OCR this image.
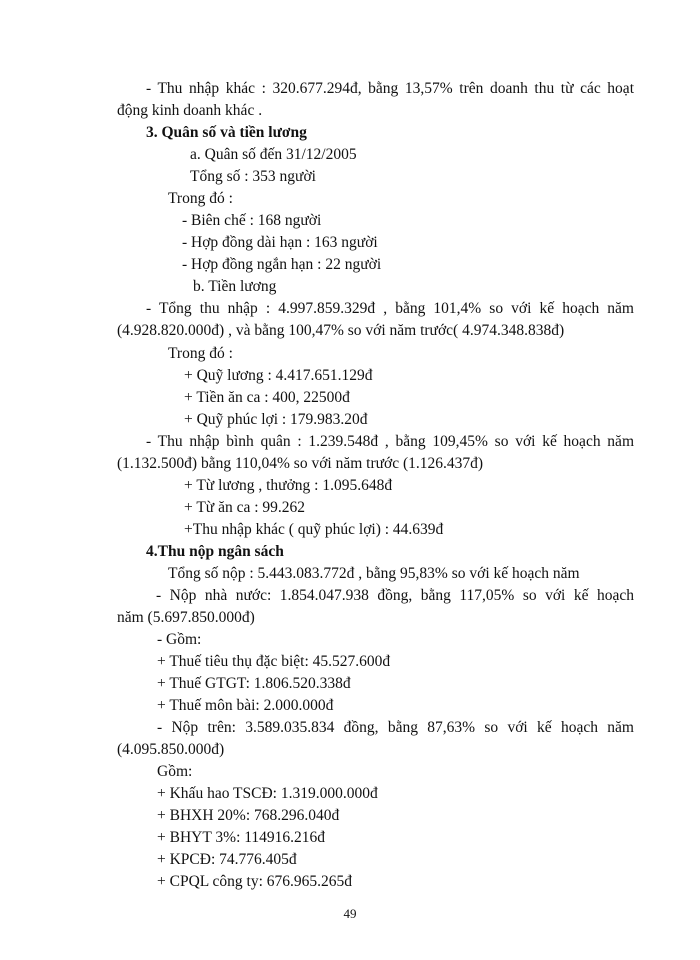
- Thu nhập khác : 320.677.294đ, bằng 13,57% trên doanh thu từ các hoạt
động kinh doanh khác .
3. Quân số và tiền lương
a. Quân số đến 31/12/2005
Tổng số : 353 người
Trong đó :
- Biên chế : 168 người
- Hợp đồng dài hạn : 163 người
- Hợp đồng ngắn hạn : 22 người
b. Tiền lương
- Tổng thu nhập : 4.997.859.329đ , bằng 101,4% so với kế hoạch năm
(4.928.820.000đ) , và bằng 100,47% so với năm trước( 4.974.348.838đ)
Trong đó :
+ Quỹ lương : 4.417.651.129đ
+ Tiền ăn ca : 400, 22500đ
+ Quỹ phúc lợi : 179.983.20đ
- Thu nhập bình quân : 1.239.548đ , bằng 109,45% so với kế hoạch năm
(1.132.500đ) bằng 110,04% so với năm trước (1.126.437đ)
+ Từ lương , thưởng : 1.095.648đ
+ Từ ăn ca : 99.262
+Thu nhập khác ( quỹ phúc lợi) : 44.639đ
4.Thu nộp ngân sách
Tổng số nộp : 5.443.083.772đ , bằng 95,83% so với kế hoạch năm
- Nộp nhà nước: 1.854.047.938 đồng, bằng 117,05% so với kế hoạch
năm (5.697.850.000đ)
- Gồm:
+ Thuế tiêu thụ đặc biệt: 45.527.600đ
+ Thuế GTGT: 1.806.520.338đ
+ Thuế môn bài: 2.000.000đ
- Nộp trên: 3.589.035.834 đồng, bằng 87,63% so với kế hoạch năm
(4.095.850.000đ)
Gồm:
+ Khấu hao TSCĐ: 1.319.000.000đ
+ BHXH 20%: 768.296.040đ
+ BHYT 3%: 114916.216đ
+ KPCĐ: 74.776.405đ
+ CPQL công ty: 676.965.265đ
49
